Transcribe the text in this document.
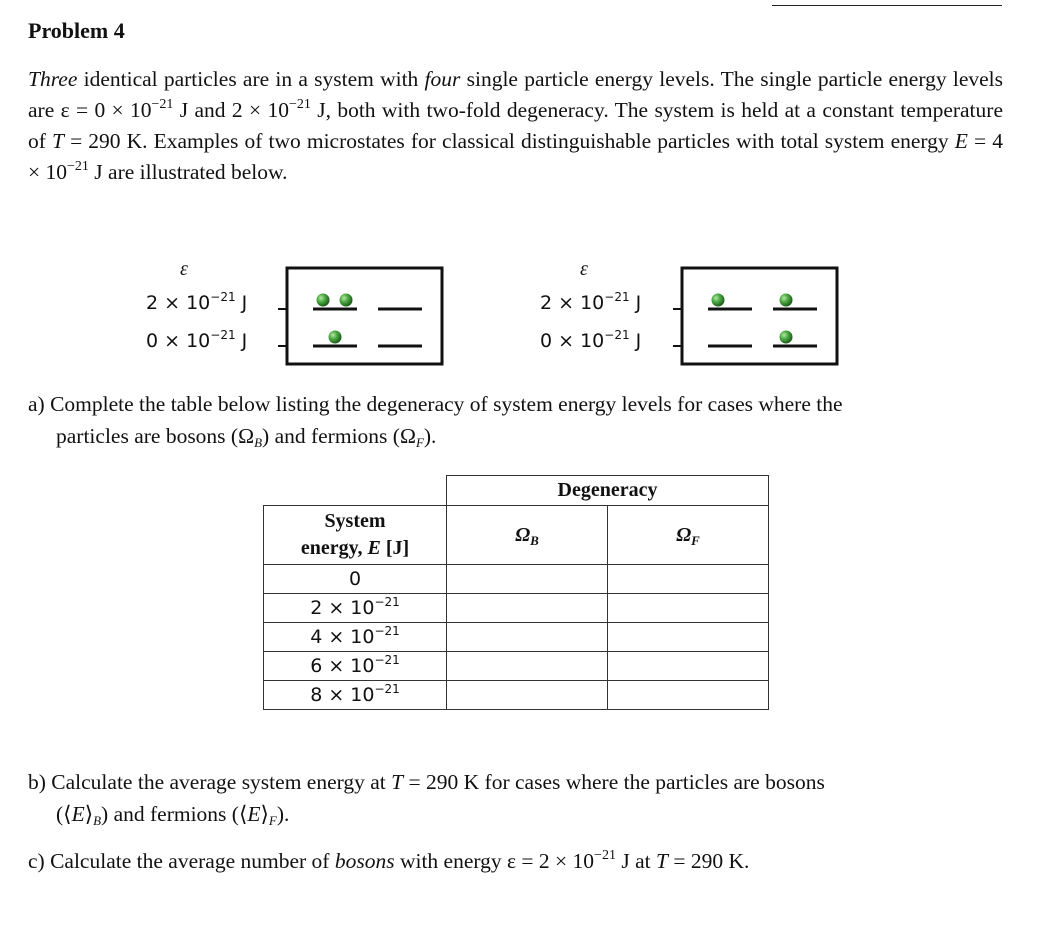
Problem 4
Three identical particles are in a system with four single particle energy levels. The single particle energy levels are $\varepsilon = 0 \times 10^{-21}$ J and $2 \times 10^{-21}$ J, both with two-fold degeneracy. The system is held at a constant temperature of T = 290 K. Examples of two microstates for classical distinguishable particles with total system energy $E = 4 \times 10^{-21}$ J are illustrated below.
ε
$2 \times 10^{-21}$ J
$0 \times 10^{-21}$ J
ε
$2 \times 10^{-21}$ J
$0 \times 10^{-21}$ J
a) Complete the table below listing the degeneracy of system energy levels for cases where the
particles are bosons $(\Omega_B)$ and fermions $(\Omega_F)$.
	Degeneracy	
System
energy, E [J]	$\Omega_B$	$\Omega_F$
0		
$2 \times 10^{-21}$		
$4 \times 10^{-21}$		
$6 \times 10^{-21}$		
$8 \times 10^{-21}$		
b) Calculate the average system energy at T = 290 K for cases where the particles are bosons
$(⟨E⟩_B)$ and fermions $(⟨E⟩_F)$.
c) Calculate the average number of bosons with energy $\varepsilon = 2 \times 10^{-21}$ J at T = 290 K.
